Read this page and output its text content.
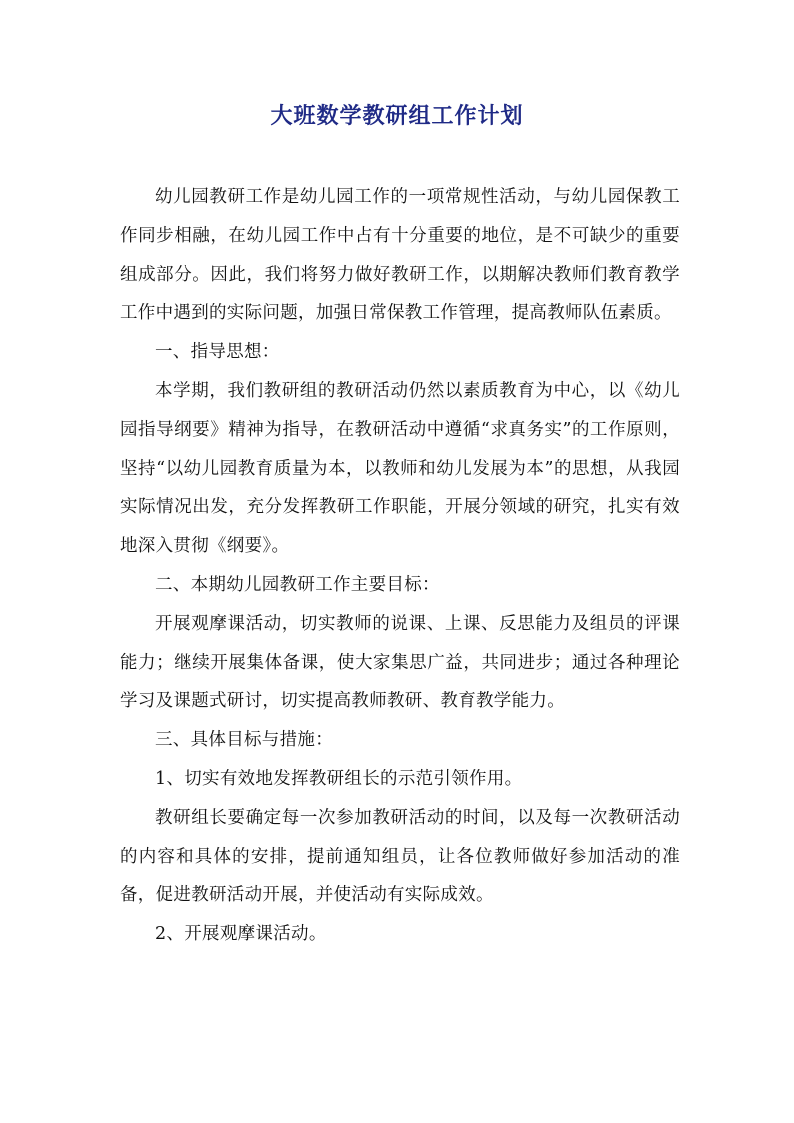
大班数学教研组工作计划

幼儿园教研工作是幼儿园工作的一项常规性活动，与幼儿园保教工作同步相融，在幼儿园工作中占有十分重要的地位，是不可缺少的重要组成部分。因此，我们将努力做好教研工作，以期解决教师们教育教学工作中遇到的实际问题，加强日常保教工作管理，提高教师队伍素质。

一、指导思想：

本学期，我们教研组的教研活动仍然以素质教育为中心，以《幼儿园指导纲要》精神为指导，在教研活动中遵循“求真务实”的工作原则，坚持“以幼儿园教育质量为本，以教师和幼儿发展为本”的思想，从我园实际情况出发，充分发挥教研工作职能，开展分领域的研究，扎实有效地深入贯彻《纲要》。

二、本期幼儿园教研工作主要目标：

开展观摩课活动，切实教师的说课、上课、反思能力及组员的评课能力；继续开展集体备课，使大家集思广益，共同进步；通过各种理论学习及课题式研讨，切实提高教师教研、教育教学能力。

三、具体目标与措施：

1、切实有效地发挥教研组长的示范引领作用。

教研组长要确定每一次参加教研活动的时间，以及每一次教研活动的内容和具体的安排，提前通知组员，让各位教师做好参加活动的准备，促进教研活动开展，并使活动有实际成效。

2、开展观摩课活动。
